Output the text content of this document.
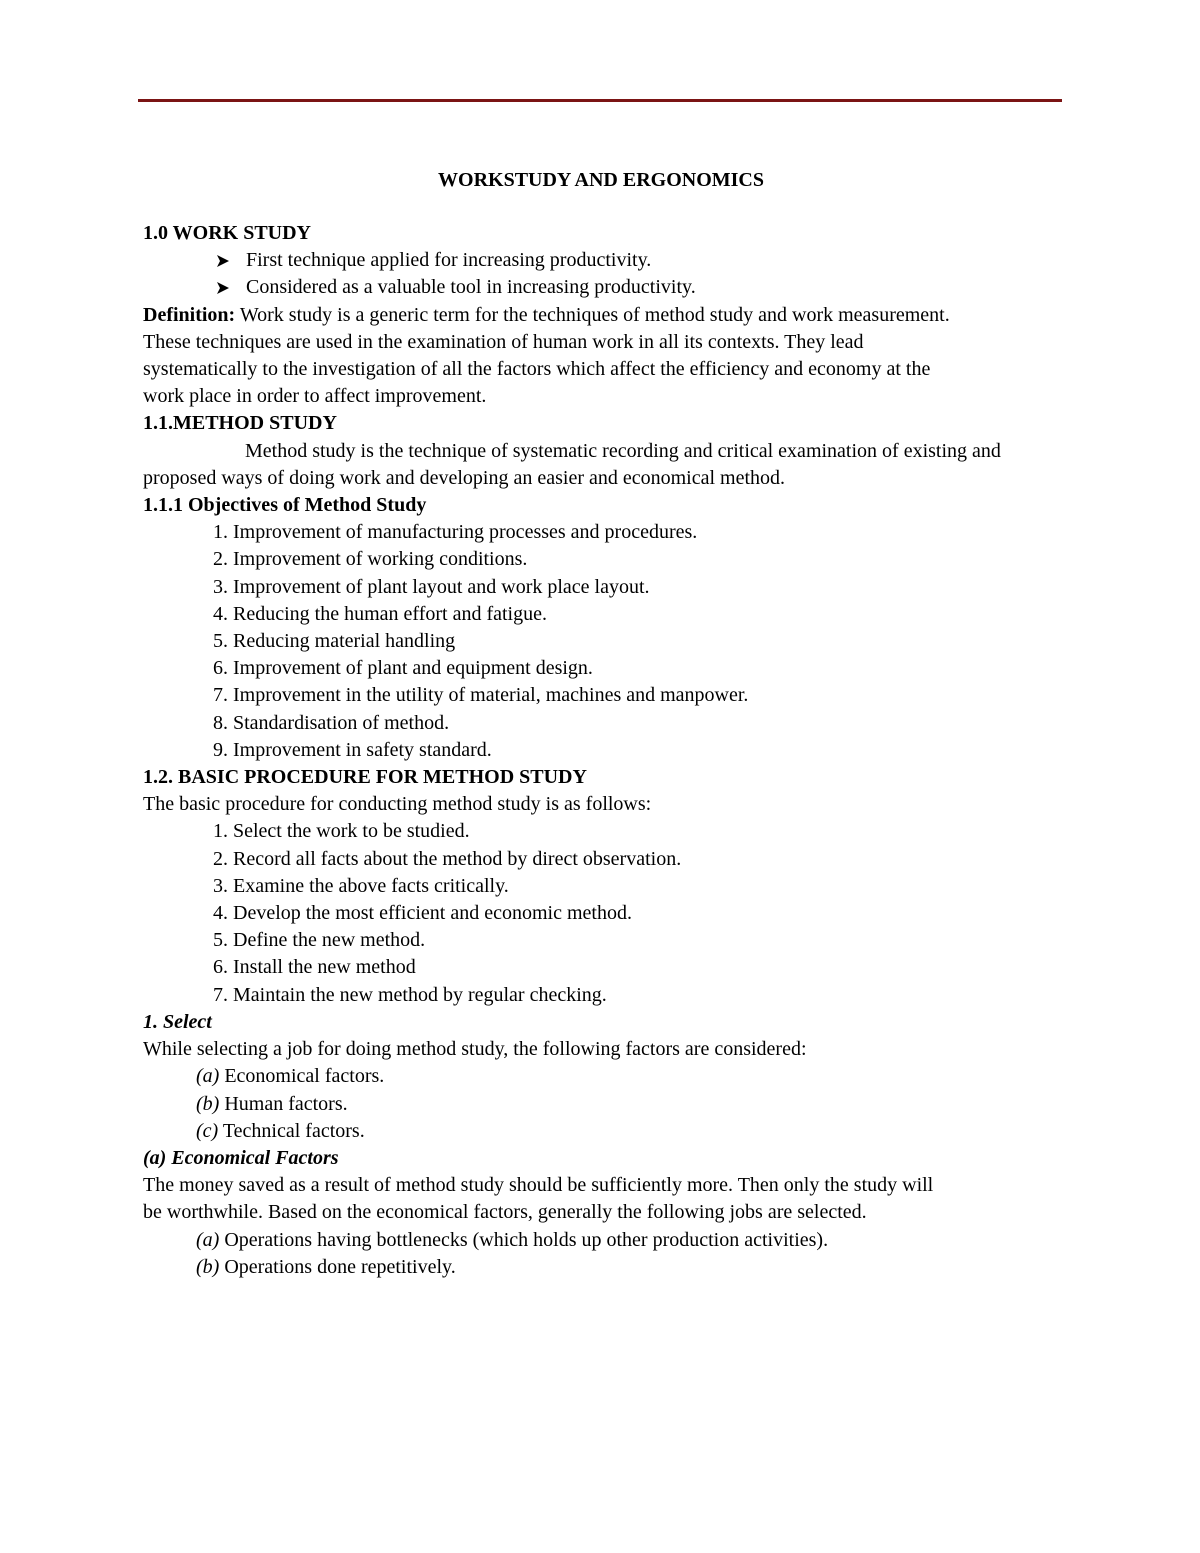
WORKSTUDY AND ERGONOMICS
1.0 WORK STUDY
First technique applied for increasing productivity.
Considered as a valuable tool in increasing productivity.

Definition: Work study is a generic term for the techniques of method study and work measurement.

These techniques are used in the examination of human work in all its contexts. They lead

systematically to the investigation of all the factors which affect the efficiency and economy at the

work place in order to affect improvement.

1.1.METHOD STUDY

Method study is the technique of systematic recording and critical examination of existing and

proposed ways of doing work and developing an easier and economical method.

1.1.1 Objectives of Method Study
1. Improvement of manufacturing processes and procedures.
2. Improvement of working conditions.
3. Improvement of plant layout and work place layout.
4. Reducing the human effort and fatigue.
5. Reducing material handling
6. Improvement of plant and equipment design.
7. Improvement in the utility of material, machines and manpower.
8. Standardisation of method.
9. Improvement in safety standard.
1.2. BASIC PROCEDURE FOR METHOD STUDY

The basic procedure for conducting method study is as follows:

1. Select the work to be studied.
2. Record all facts about the method by direct observation.
3. Examine the above facts critically.
4. Develop the most efficient and economic method.
5. Define the new method.
6. Install the new method
7. Maintain the new method by regular checking.
1. Select

While selecting a job for doing method study, the following factors are considered:

(a) Economical factors.
(b) Human factors.
(c) Technical factors.
(a) Economical Factors

The money saved as a result of method study should be sufficiently more. Then only the study will

be worthwhile. Based on the economical factors, generally the following jobs are selected.

(a) Operations having bottlenecks (which holds up other production activities).
(b) Operations done repetitively.
